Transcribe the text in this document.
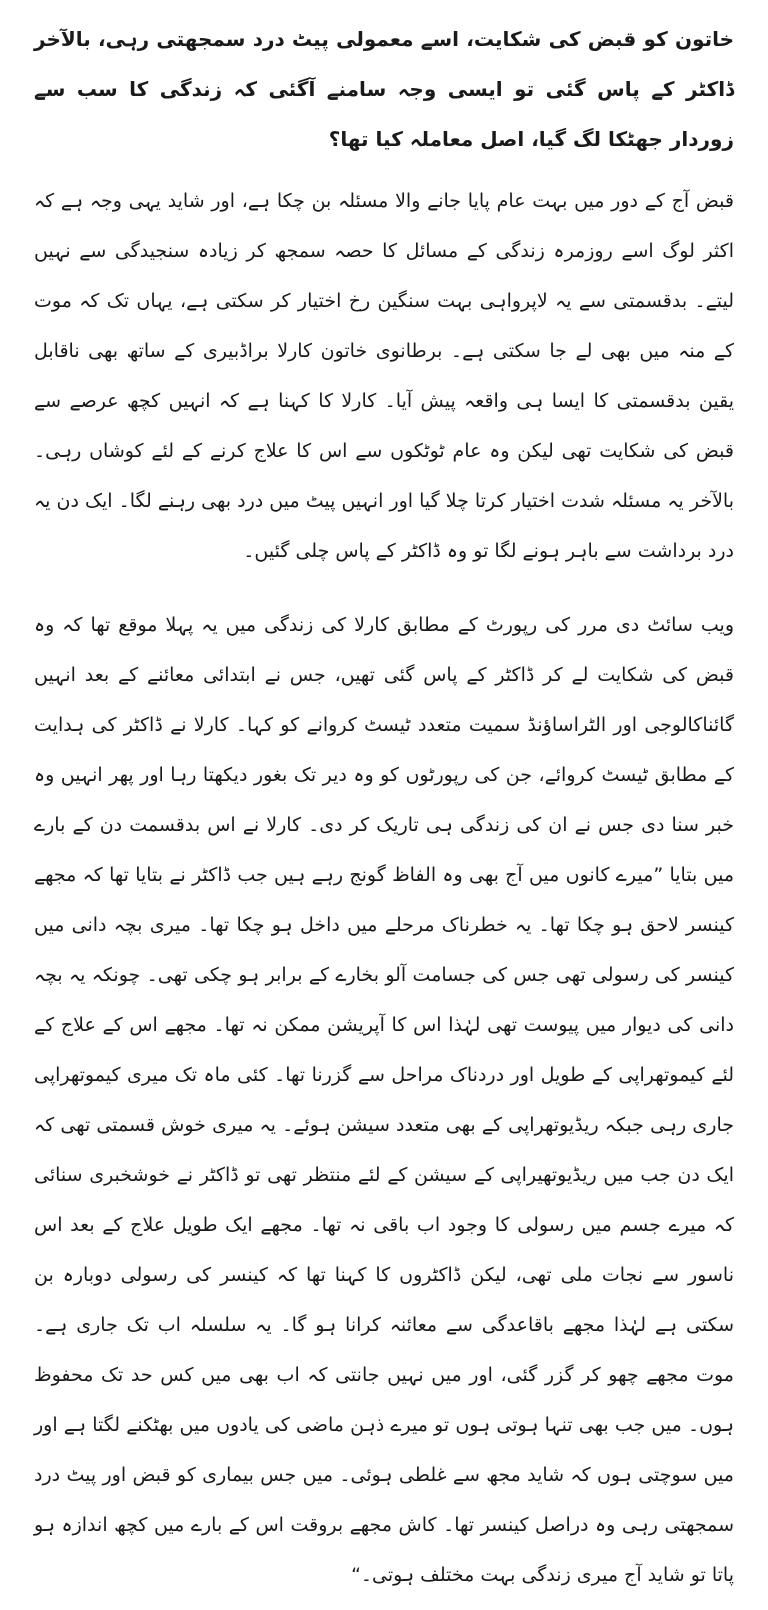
خاتون کو قبض کی شکایت، اسے معمولی پیٹ درد سمجھتی رہی، بالآخر ڈاکٹر کے پاس گئی تو ایسی وجہ سامنے آگئی کہ زندگی کا سب سے زوردار جھٹکا لگ گیا، اصل معاملہ کیا تھا؟

قبض آج کے دور میں بہت عام پایا جانے والا مسئلہ بن چکا ہے، اور شاید یہی وجہ ہے کہ اکثر لوگ اسے روزمرہ زندگی کے مسائل کا حصہ سمجھ کر زیادہ سنجیدگی سے نہیں لیتے۔ بدقسمتی سے یہ لاپرواہی بہت سنگین رخ اختیار کر سکتی ہے، یہاں تک کہ موت کے منہ میں بھی لے جا سکتی ہے۔ برطانوی خاتون کارلا براڈبیری کے ساتھ بھی ناقابل یقین بدقسمتی کا ایسا ہی واقعہ پیش آیا۔ کارلا کا کہنا ہے کہ انہیں کچھ عرصے سے قبض کی شکایت تھی لیکن وہ عام ٹوٹکوں سے اس کا علاج کرنے کے لئے کوشاں رہی۔ بالآخر یہ مسئلہ شدت اختیار کرتا چلا گیا اور انہیں پیٹ میں درد بھی رہنے لگا۔ ایک دن یہ درد برداشت سے باہر ہونے لگا تو وہ ڈاکٹر کے پاس چلی گئیں۔

ویب سائٹ دی مرر کی رپورٹ کے مطابق کارلا کی زندگی میں یہ پہلا موقع تھا کہ وہ قبض کی شکایت لے کر ڈاکٹر کے پاس گئی تھیں، جس نے ابتدائی معائنے کے بعد انہیں گائناکالوجی اور الٹراساؤنڈ سمیت متعدد ٹیسٹ کروانے کو کہا۔ کارلا نے ڈاکٹر کی ہدایت کے مطابق ٹیسٹ کروائے، جن کی رپورٹوں کو وہ دیر تک بغور دیکھتا رہا اور پھر انہیں وہ خبر سنا دی جس نے ان کی زندگی ہی تاریک کر دی۔ کارلا نے اس بدقسمت دن کے بارے میں بتایا ”میرے کانوں میں آج بھی وہ الفاظ گونج رہے ہیں جب ڈاکٹر نے بتایا تھا کہ مجھے کینسر لاحق ہو چکا تھا۔ یہ خطرناک مرحلے میں داخل ہو چکا تھا۔ میری بچہ دانی میں کینسر کی رسولی تھی جس کی جسامت آلو بخارے کے برابر ہو چکی تھی۔ چونکہ یہ بچہ دانی کی دیوار میں پیوست تھی لہٰذا اس کا آپریشن ممکن نہ تھا۔ مجھے اس کے علاج کے لئے کیموتھراپی کے طویل اور دردناک مراحل سے گزرنا تھا۔ کئی ماہ تک میری کیموتھراپی جاری رہی جبکہ ریڈیوتھراپی کے بھی متعدد سیشن ہوئے۔ یہ میری خوش قسمتی تھی کہ ایک دن جب میں ریڈیوتھیراپی کے سیشن کے لئے منتظر تھی تو ڈاکٹر نے خوشخبری سنائی کہ میرے جسم میں رسولی کا وجود اب باقی نہ تھا۔ مجھے ایک طویل علاج کے بعد اس ناسور سے نجات ملی تھی، لیکن ڈاکٹروں کا کہنا تھا کہ کینسر کی رسولی دوبارہ بن سکتی ہے لہٰذا مجھے باقاعدگی سے معائنہ کرانا ہو گا۔ یہ سلسلہ اب تک جاری ہے۔ موت مجھے چھو کر گزر گئی، اور میں نہیں جانتی کہ اب بھی میں کس حد تک محفوظ ہوں۔ میں جب بھی تنہا ہوتی ہوں تو میرے ذہن ماضی کی یادوں میں بھٹکنے لگتا ہے اور میں سوچتی ہوں کہ شاید مجھ سے غلطی ہوئی۔ میں جس بیماری کو قبض اور پیٹ درد سمجھتی رہی وہ دراصل کینسر تھا۔ کاش مجھے بروقت اس کے بارے میں کچھ اندازہ ہو پاتا تو شاید آج میری زندگی بہت مختلف ہوتی۔“
